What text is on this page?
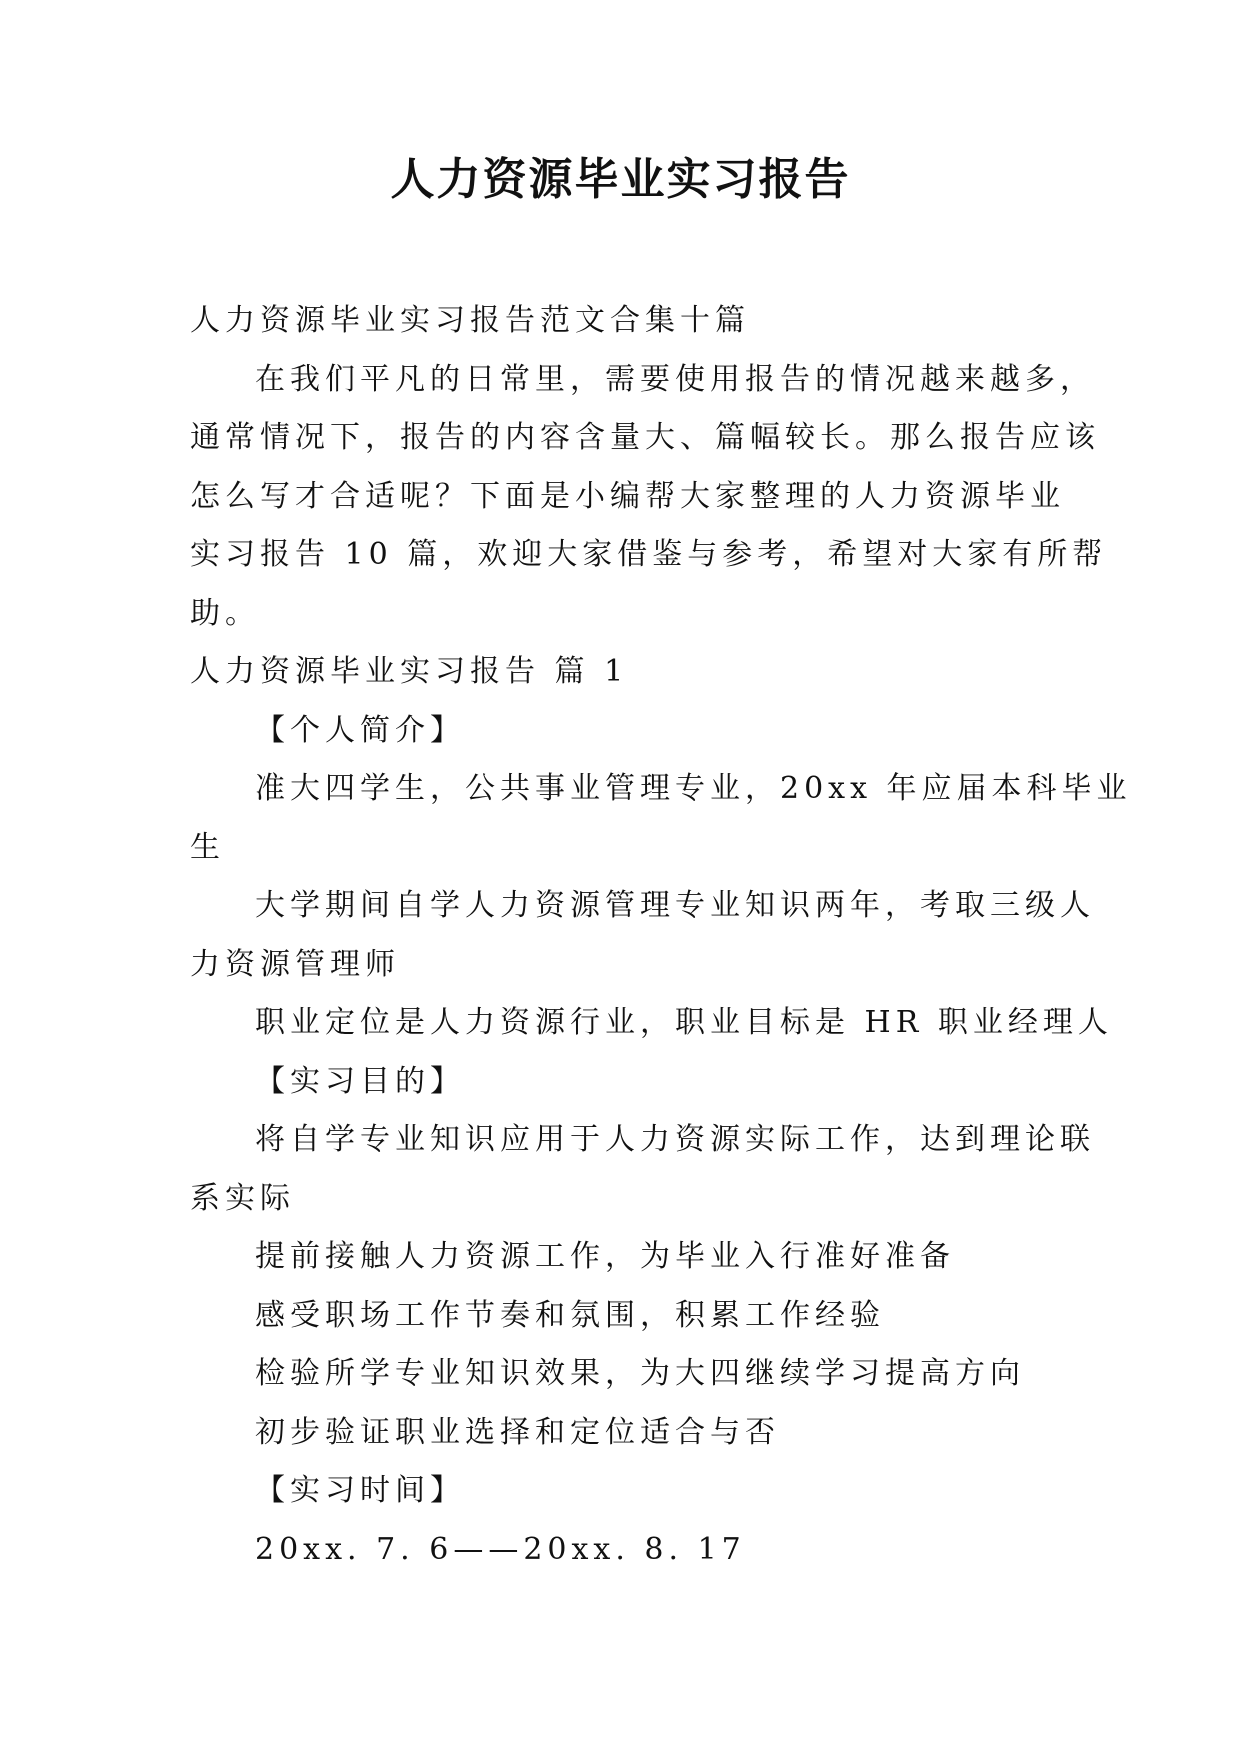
人力资源毕业实习报告

人力资源毕业实习报告范文合集十篇

在我们平凡的日常里，需要使用报告的情况越来越多，

通常情况下，报告的内容含量大、篇幅较长。那么报告应该

怎么写才合适呢？下面是小编帮大家整理的人力资源毕业

实习报告 10 篇，欢迎大家借鉴与参考，希望对大家有所帮

助。

人力资源毕业实习报告 篇 1

【个人简介】

准大四学生，公共事业管理专业，20xx 年应届本科毕业

生

大学期间自学人力资源管理专业知识两年，考取三级人

力资源管理师

职业定位是人力资源行业，职业目标是 HR 职业经理人

【实习目的】

将自学专业知识应用于人力资源实际工作，达到理论联

系实际

提前接触人力资源工作，为毕业入行准好准备

感受职场工作节奏和氛围，积累工作经验

检验所学专业知识效果，为大四继续学习提高方向

初步验证职业选择和定位适合与否

【实习时间】

20xx. 7. 6——20xx. 8. 17
